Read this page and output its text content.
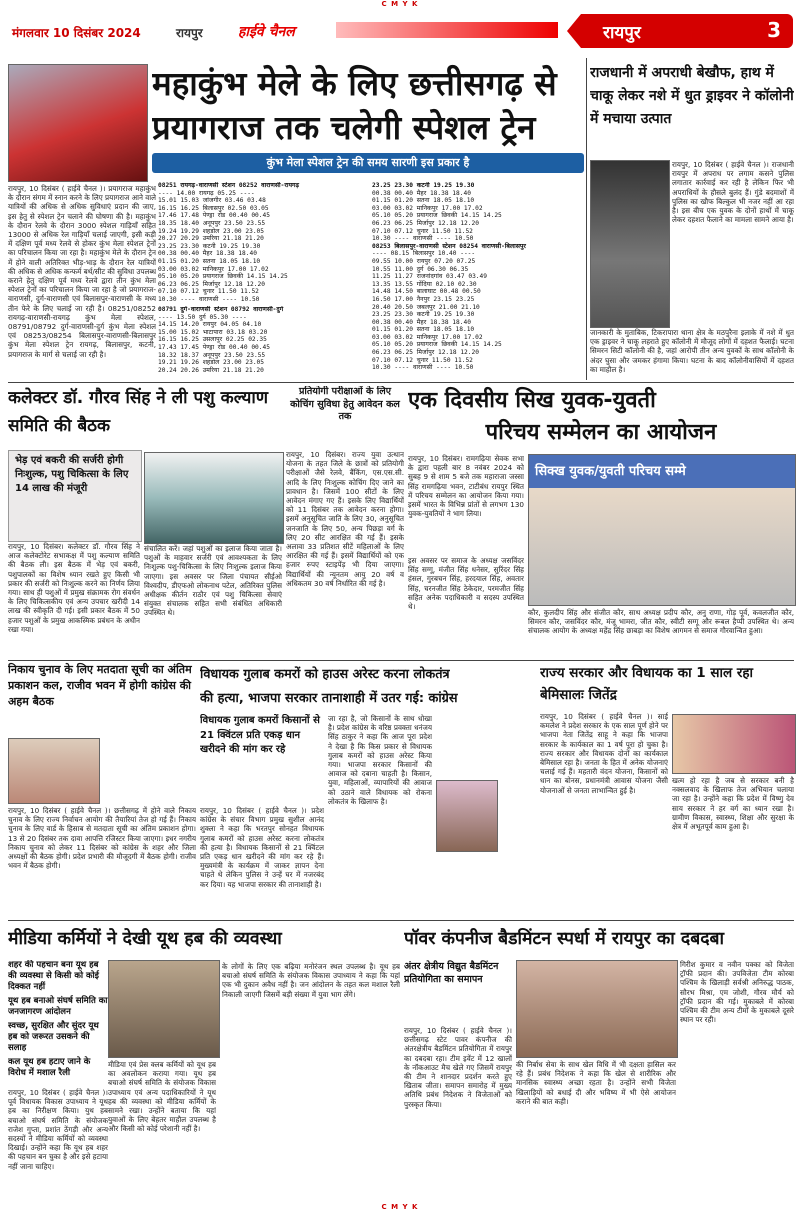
C M Y K
मंगलवार 10 दिसंबर 2024	रायपुर	हाईवे चैनल	रायपुर	3
महाकुंभ मेले के लिए छत्तीसगढ़ से
प्रयागराज तक चलेगी स्पेशल ट्रेन
कुंभ मेला स्पेशल ट्रेन की समय सारणी इस प्रकार है
रायपुर, 10 दिसंबर ( हाईवे चैनल )। प्रयागराज महाकुंभ के दौरान संगम में स्नान करने के लिए प्रयागराज आने वाले यात्रियों की अधिक से अधिक सुविधाएं प्रदान की जाए, इस हेतु से स्पेशल ट्रेन चलाने की घोषणा की है। महाकुंभ के दौरान रेलवे के दौरान 3000 स्पेशल गाड़ियाँ सहित 13000 से अधिक रेल गाड़ियाँ चलाई जाएगी, इसी कड़ी में दक्षिण पूर्व मध्य रेलवे से होकर कुंभ मेला स्पेशल ट्रेनों का परिचालन किया जा रहा है। महाकुंभ मेले के दौरान ट्रेन में होने वाली अतिरिक्त भीड़-भाड़ के दौरान रेल यात्रियों की अधिक से अधिक कन्फर्म बर्थ/सीट की सुविधा उपलब्ध कराने हेतु दक्षिण पूर्व मध्य रेलवे द्वारा तीन कुंभ मेला स्पेशल ट्रेनों का परिचालन किया जा रहा है जो प्रयागराज-वाराणसी, दुर्ग-वाराणसी एवं बिलासपुर-वाराणसी के मध्य तीन फेरे के लिए चलाई जा रही है। 08251/08252 रायगढ़-वाराणसी-रायगढ़ कुंभ मेला स्पेशल, 08791/08792 दुर्ग-वाराणसी-दुर्ग कुंभ मेला स्पेशल एवं 08253/08254 बिलासपुर-वाराणसी-बिलासपुर कुंभ मेला स्पेशल ट्रेन रायगढ़, बिलासपुर, कटनी, प्रयागराज के मार्ग से चलाई जा रही है।
08251 रायगढ़-वाराणसी स्टेशन 08252 वाराणसी-रायगढ़
---- 14.00 रायगढ़ 05.25 ----
15.01 15.03 जांजगीर 03.46 03.48
16.15 16.25 बिलासपुर 02.50 03.05
17.46 17.48 पेण्ड्रा रोड 00.40 00.45
18.35 18.40 अनूपपुर 23.50 23.55
19.24 19.29 शहडोल 23.00 23.05
20.27 20.29 उमरिया 21.18 21.20
23.25 23.30 कटनी 19.25 19.30
00.38 00.40 मैहर 18.38 18.40
01.15 01.20 सतना 18.05 18.10
03.00 03.02 मानिकपुर 17.00 17.02
05.10 05.20 प्रयागराज छिवकी 14.15 14.25
06.23 06.25 मिर्जापुर 12.18 12.20
07.10 07.12 चुनार 11.50 11.52
10.30 ---- वाराणसी ---- 10.50
08791 दुर्ग-वाराणसी स्टेशन 08792 वाराणसी-दुर्ग
---- 13.50 दुर्ग 05.30 ----
14.15 14.20 रायपुर 04.05 04.10
15.00 15.02 भाटापारा 03.18 03.20
16.15 16.25 उसलापुर 02.25 02.35
17.43 17.45 पेण्ड्रा रोड 00.40 00.45
18.32 18.37 अनूपपुर 23.50 23.55
19.21 19.26 शहडोल 23.00 23.05
20.24 20.26 उमरिया 21.18 21.20
23.25 23.30 कटनी 19.25 19.30
00.38 00.40 मैहर 18.38 18.40
01.15 01.20 सतना 18.05 18.10
03.00 03.02 मानिकपुर 17.00 17.02
05.10 05.20 प्रयागराज छिवकी 14.15 14.25
06.23 06.25 मिर्जापुर 12.18 12.20
07.10 07.12 चुनार 11.50 11.52
10.30 ---- वाराणसी ---- 10.50
08253 बिलासपुर-वाराणसी स्टेशन 08254 वाराणसी-बिलासपुर
---- 08.15 बिलासपुर 10.40 ----
09.55 10.00 रायपुर 07.20 07.25
10.55 11.00 दुर्ग 06.30 06.35
11.25 11.27 राजनांदगांव 03.47 03.49
13.35 13.55 गोंदिया 02.10 02.30
14.48 14.50 बालाघाट 00.48 00.50
16.50 17.00 नैनपुर 23.15 23.25
20.40 20.50 जबलपुर 21.00 21.10
23.25 23.30 कटनी 19.25 19.30
00.38 00.40 मैहर 18.38 18.40
01.15 01.20 सतना 18.05 18.10
03.00 03.02 मानिकपुर 17.00 17.02
05.10 05.20 प्रयागराज छिवकी 14.15 14.25
06.23 06.25 मिर्जापुर 12.18 12.20
07.10 07.12 चुनार 11.50 11.52
10.30 ---- वाराणसी ---- 10.50
राजधानी में अपराधी बेखौफ, हाथ में चाकू लेकर नशे में धुत ड्राइवर ने कॉलोनी में मचाया उत्पात
रायपुर, 10 दिसंबर ( हाईवे चैनल )। राजधानी रायपुर में अपराध पर लगाम कसने पुलिस लगातार कार्रवाई कर रही है लेकिन फिर भी अपराधियों के हौसले बुलंद हैं। गुंडे बदमाशों में पुलिस का खौफ बिल्कुल भी नजर नहीं आ रहा है। इस बीच एक युवक के दोनों हाथों में चाकू लेकर दहशत फैलाने का मामला सामने आया है।
जानकारी के मुताबिक, टिकरापारा थाना क्षेत्र के मठपुरैना इलाके में नशे में धुत एक ड्राइवर ने चाकू लहराते हुए कॉलोनी में मौजूद लोगों में दहशत फैलाई। घटना सिमरन सिटी कॉलोनी की है, जहां आरोपी तीन अन्य युवकों के साथ कॉलोनी के अंदर घुसा और जमकर हंगामा किया। घटना के बाद कॉलोनीवासियों में दहशत का माहौल है।
कलेक्टर डॉ. गौरव सिंह ने ली पशु कल्याण समिति की बैठक
भेड़ एवं बकरी की सर्जरी होगी निःशुल्क, पशु चिकित्सा के लिए 14 लाख की मंजूरी
रायपुर, 10 दिसंबर। कलेक्टर डॉ. गौरव सिंह ने आज कलेक्टोरेट सभाकक्ष में पशु कल्याण समिति की बैठक ली। इस बैठक में भेड़ एवं बकरी, पशुपालकों का विशेष ध्यान रखते हुए किसी भी प्रकार की सर्जरी को निःशुल्क करने का निर्णय लिया गया। साथ ही पशुओं में प्रमुख संक्रामक रोग संवर्धन के लिए चिकित्सकीय एवं अन्य उपचार खरीदी 14 लाख की स्वीकृति दी गई। इसी प्रकार बैठक में 50 हजार पशुओं के प्रमुख आकस्मिक प्रबंधन के अधीन रखा गया।
संचालित करें। जहां पशुओं का इलाज किया जाता है। पशुओं के माहवार सर्जरी एवं आवश्यकता के लिए निःशुल्क पशु-चिकित्सा के लिए निःशुल्क इलाज किया जाएगा। इस अवसर पर जिला पंचायत सीईओ विश्वदीप, डीएफओ लोकनाथ पटेल, अतिरिक्त पुलिस अधीक्षक कीर्तन राठौर एवं पशु चिकित्सा सेवाएं संयुक्त संचालक सहित सभी संबंधित अधिकारी उपस्थित थे।
प्रतियोगी परीक्षाओं के लिए कोचिंग सुविधा हेतु आवेदन कल तक
रायपुर, 10 दिसंबर। राज्य युवा उत्थान योजना के तहत जिले के छात्रों को प्रतियोगी परीक्षाओं जैसे रेलवे, बैंकिंग, एस.एस.सी. आदि के लिए निःशुल्क कोचिंग दिए जाने का प्रावधान है। जिसमें 100 सीटों के लिए आवेदन मंगाए गए हैं। इसके लिए विद्यार्थियों को 11 दिसंबर तक आवेदन करना होगा। इसमें अनुसूचित जाति के लिए 30, अनुसूचित जनजाति के लिए 50, अन्य पिछड़ा वर्ग के लिए 20 सीट आरक्षित की गई हैं। इसके अलावा 33 प्रतिशत सीटें महिलाओं के लिए आरक्षित की गई हैं। इसमें विद्यार्थियों को एक हजार रुपए स्टाइपेंड़ भी दिया जाएगा। विद्यार्थियों की न्यूनतम आयु 20 वर्ष व अधिकतम 30 वर्ष निर्धारित की गई है।
एक दिवसीय सिख युवक-युवती
परिचय सम्मेलन का आयोजन
रायपुर, 10 दिसंबर। रामगढ़िया सेवक सभा के द्वारा पहली बार 8 नवंबर 2024 को सुबह 9 से शाम 5 बजे तक महाराजा जस्सा सिंह रामगढ़िया भवन, टाटीबंध रायपुर स्थित में परिचय सम्मेलन का आयोजन किया गया। इसमें भारत के विभिन्न प्रांतों से लगभग 130 युवक-युवतियों ने भाग लिया।
इस अवसर पर समाज के अध्यक्ष जसविंदर सिंह सग्गू, मंजीत सिंह धनेसर, सुरिंदर सिंह हंसल, गुरबचन सिंह, हरदयाल सिंह, अवतार सिंह, चरनजीत सिंह ठेकेदार, परमजीत सिंह सहित अनेक पदाधिकारी व सदस्य उपस्थित थे।
सिक्ख युवक/युवती परिचय सम्मे
कौर, कुलदीप सिंह और संजीत कौर, साथ अध्यक्ष प्रदीप कौर, अनु राणा, गोड़ पूर्व, कवलजीत कौर, सिमरन कौर, जसविंदर कौर, मंजू भामरा, जीत कौर, स्वीटी सग्गू और रूबल हैप्पी उपस्थित थे। अन्य संचालक आयोग के अध्यक्ष महेंद्र सिंह छाबड़ा का विशेष आगमन से समाज गौरवान्वित हुआ।
निकाय चुनाव के लिए मतदाता सूची का अंतिम प्रकाशन कल, राजीव भवन में होगी कांग्रेस की अहम बैठक
रायपुर, 10 दिसंबर ( हाईवे चैनल )। छत्तीसगढ़ में होने वाले निकाय चुनाव के लिए राज्य निर्वाचन आयोग की तैयारियां तेज हो गई हैं। निकाय चुनाव के लिए वार्ड के हिसाब से मतदाता सूची का अंतिम प्रकाशन होगा। 13 से 20 दिसंबर तक दावा आपत्ति रजिस्टर किया जाएगा। इधर नगरीय निकाय चुनाव को लेकर 11 दिसंबर को कांग्रेस के शहर और जिला अध्यक्षों की बैठक होगी। प्रदेश प्रभारी की मौजूदगी में बैठक होगी। राजीव भवन में बैठक होगी।
विधायक गुलाब कमरों को हाउस अरेस्ट करना लोकतंत्र
की हत्या, भाजपा सरकार तानाशाही में उतर गई: कांग्रेस
विधायक गुलाब कमरों किसानों से 21 क्विंटल प्रति एकड़ धान खरीदने की मांग कर रहे
रायपुर, 10 दिसंबर ( हाईवे चैनल )। प्रदेश कांग्रेस के संचार विभाग प्रमुख सुशील आनंद शुक्ला ने कहा कि भरतपुर सोनहत विधायक गुलाब कमरों को हाउस अरेस्ट करना लोकतंत्र की हत्या है। विधायक किसानों से 21 क्विंटल प्रति एकड़ धान खरीदने की मांग कर रहे हैं। मुख्यमंत्री के कार्यक्रम में जाकर ज्ञापन देना चाहते थे लेकिन पुलिस ने उन्हें घर में नजरबंद कर दिया। यह भाजपा सरकार की तानाशाही है।
जा रहा है, जो किसानों के साथ धोखा है। प्रदेश कांग्रेस के वरिष्ठ प्रवक्ता धनंजय सिंह ठाकुर ने कहा कि आज पूरा प्रदेश ने देखा है कि किस प्रकार से विधायक गुलाब कमरों को हाउस अरेस्ट किया गया। भाजपा सरकार किसानों की आवाज को दबाना चाहती है। किसान, युवा, महिलाओं, व्यापारियों की आवाज को उठाने वाले विधायक को रोकना लोकतंत्र के खिलाफ है।
राज्य सरकार और विधायक का 1 साल रहा बेमिसालः जितेंद्र
रायपुर, 10 दिसंबर ( हाईवे चैनल )। साई कमलेश ने प्रदेश सरकार के एक साल पूर्ण होने पर भाजपा नेता जितेंद्र साहू ने कहा कि भाजपा सरकार के कार्यकाल का 1 वर्ष पूरा हो चुका है। राज्य सरकार और विधायक दोनों का कार्यकाल बेमिसाल रहा है। जनता के हित में अनेक योजनाएं चलाई गई हैं। महतारी वंदन योजना, किसानों को धान का बोनस, प्रधानमंत्री आवास योजना जैसी योजनाओं से जनता लाभान्वित हुई है।
खत्म हो रहा है जब से सरकार बनी है नक्सलवाद के खिलाफ तेज अभियान चलाया जा रहा है। उन्होंने कहा कि प्रदेश में विष्णु देव साय सरकार ने हर वर्ग का ध्यान रखा है। ग्रामीण विकास, स्वास्थ्य, शिक्षा और सुरक्षा के क्षेत्र में अभूतपूर्व काम हुआ है।
मीडिया कर्मियों ने देखी यूथ हब की व्यवस्था
शहर की पहचान बना यूथ हब की व्यवस्था से किसी को कोई दिक्कत नहीं
यूथ हब बनाओ संघर्ष समिति का जनजागरण आंदोलन
स्वच्छ, सुरक्षित और सुंदर यूथ हब को जरूरत उसकने की सलाह
कल यूथ हब हटाए जाने के विरोध में मशाल रैली
रायपुर, 10 दिसंबर ( हाईवे चैनल )। पूर्व विधायक विकास उपाध्याय ने यूथ हब का निरीक्षण किया। युथ हब बचाओ संघर्ष समिति के संयोजक राजेश गुप्ता, प्रशांत ठेंगड़ी और अन्य सदस्यों ने मीडिया कर्मियों को व्यवस्था दिखाई। उन्होंने कहा कि यूथ हब शहर की पहचान बन चुका है और इसे हटाया नहीं जाना चाहिए।
मीडिया एवं प्रेस क्लब कर्मियों को यूथ हब का अवलोकन कराया गया। यूथ हब बचाओ संघर्ष समिति के संयोजक विकास उपाध्याय एवं अन्य पदाधिकारियों ने यूथ हब की व्यवस्था को मीडिया कर्मियों के सामने रखा। उन्होंने बताया कि यहां युवाओं के लिए बेहतर माहौल उपलब्ध है और किसी को कोई परेशानी नहीं है।
के लोगों के लिए एक बढ़िया मनोरंजन स्थल उपलब्ध है। यूथ हब बचाओ संघर्ष समिति के संयोजक विकास उपाध्याय ने कहा कि यहां एक भी दुकान अवैध नहीं है। जन आंदोलन के तहत कल मशाल रैली निकाली जाएगी जिसमें बड़ी संख्या में युवा भाग लेंगे।
पॉवर कंपनीज बैडमिंटन स्पर्धा में रायपुर का दबदबा
अंतर क्षेत्रीय विद्युत बैडमिंटन प्रतियोगिता का समापन
रायपुर, 10 दिसंबर ( हाईवे चैनल )। छत्तीसगढ़ स्टेट पावर कंपनीज की अंतरक्षेत्रीय बैडमिंटन प्रतियोगिता में रायपुर का दबदबा रहा। टीम इवेंट में 12 खालों के नॉकआउट मैच खेले गए जिसमें रायपुर की टीम ने शानदार प्रदर्शन करते हुए खिताब जीता। समापन समारोह में मुख्य अतिथि प्रबंध निदेशक ने विजेताओं को पुरस्कृत किया।
की निर्बाध सेवा के साथ खेल विधि में भी दक्षता हासिल कर रहे हैं। प्रबंध निदेशक ने कहा कि खेल से शारीरिक और मानसिक स्वास्थ्य अच्छा रहता है। उन्होंने सभी विजेता खिलाड़ियों को बधाई दी और भविष्य में भी ऐसे आयोजन कराने की बात कही।
गिरीश कुमार व नवीन पक्का को विजेता ट्रॉफी प्रदान की। उपविजेता टीम कोरबा पश्चिम के खिलाड़ी सर्वश्री अनिरुद्ध पाठक, सौरभ मिश्रा, एम जोशी, गौरव मौर्य को ट्रॉफी प्रदान की गई। मुकाबले में कोरबा पश्चिम की टीम अन्य टीमों के मुकाबले दूसरे स्थान पर रही।
C M Y K
